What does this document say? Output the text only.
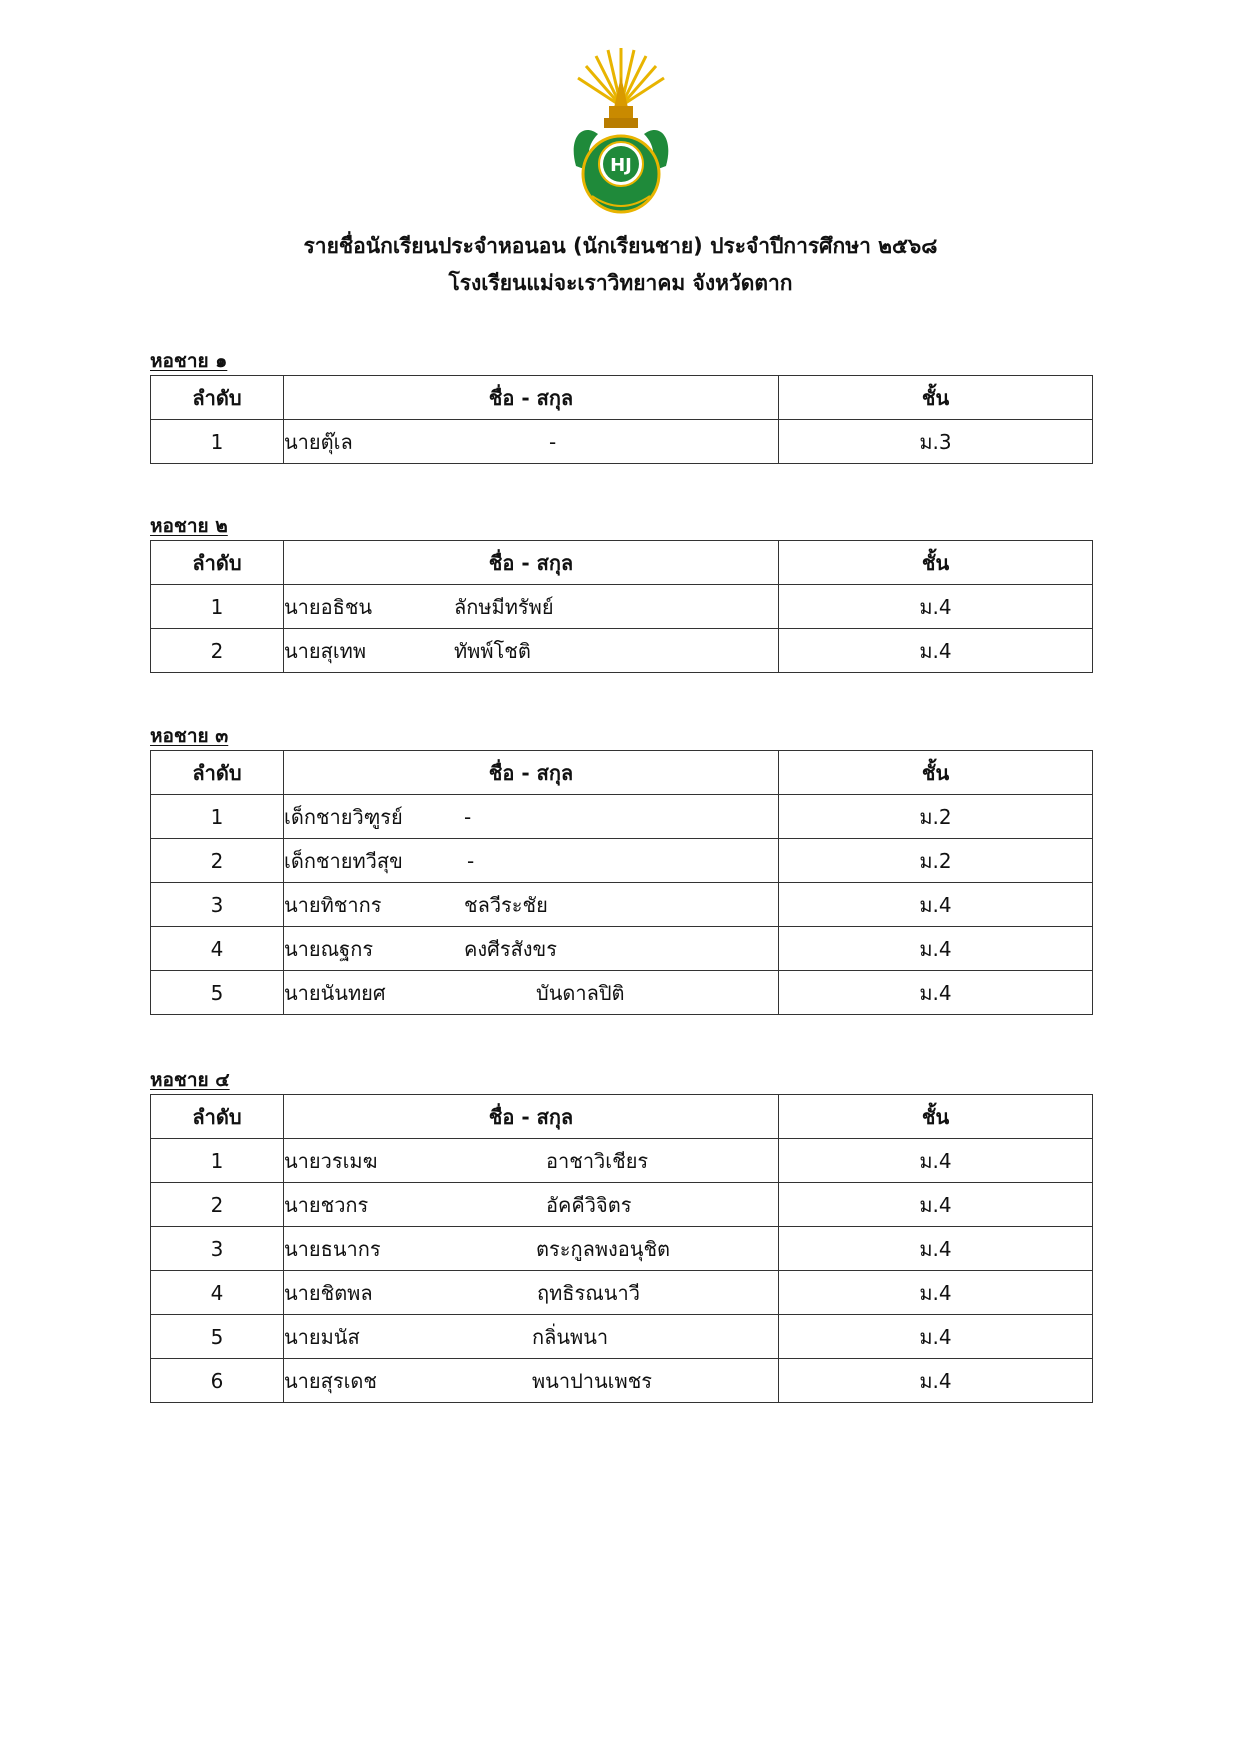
HJ
รายชื่อนักเรียนประจำหอนอน (นักเรียนชาย) ประจำปีการศึกษา ๒๕๖๘
โรงเรียนแม่จะเราวิทยาคม จังหวัดตาก
หอชาย ๑
ลำดับ	ชื่อ - สกุล	ชั้น
1	นายตุ๊เล -	ม.3
หอชาย ๒
ลำดับ	ชื่อ - สกุล	ชั้น
1	นายอธิชน ลักษมีทรัพย์	ม.4
2	นายสุเทพ ทัพพ์โชติ	ม.4
หอชาย ๓
ลำดับ	ชื่อ - สกุล	ชั้น
1	เด็กชายวิฑูรย์ -	ม.2
2	เด็กชายทวีสุข -	ม.2
3	นายทิชากร ชลวีระชัย	ม.4
4	นายณฐกร คงศีรสังขร	ม.4
5	นายนันทยศ บันดาลปิติ	ม.4
หอชาย ๔
ลำดับ	ชื่อ - สกุล	ชั้น
1	นายวรเมฆ อาชาวิเชียร	ม.4
2	นายชวกร อัคคีวิจิตร	ม.4
3	นายธนากร ตระกูลพงอนุชิต	ม.4
4	นายชิตพล ฤทธิรณนาวี	ม.4
5	นายมนัส กลิ่นพนา	ม.4
6	นายสุรเดช พนาปานเพชร	ม.4
